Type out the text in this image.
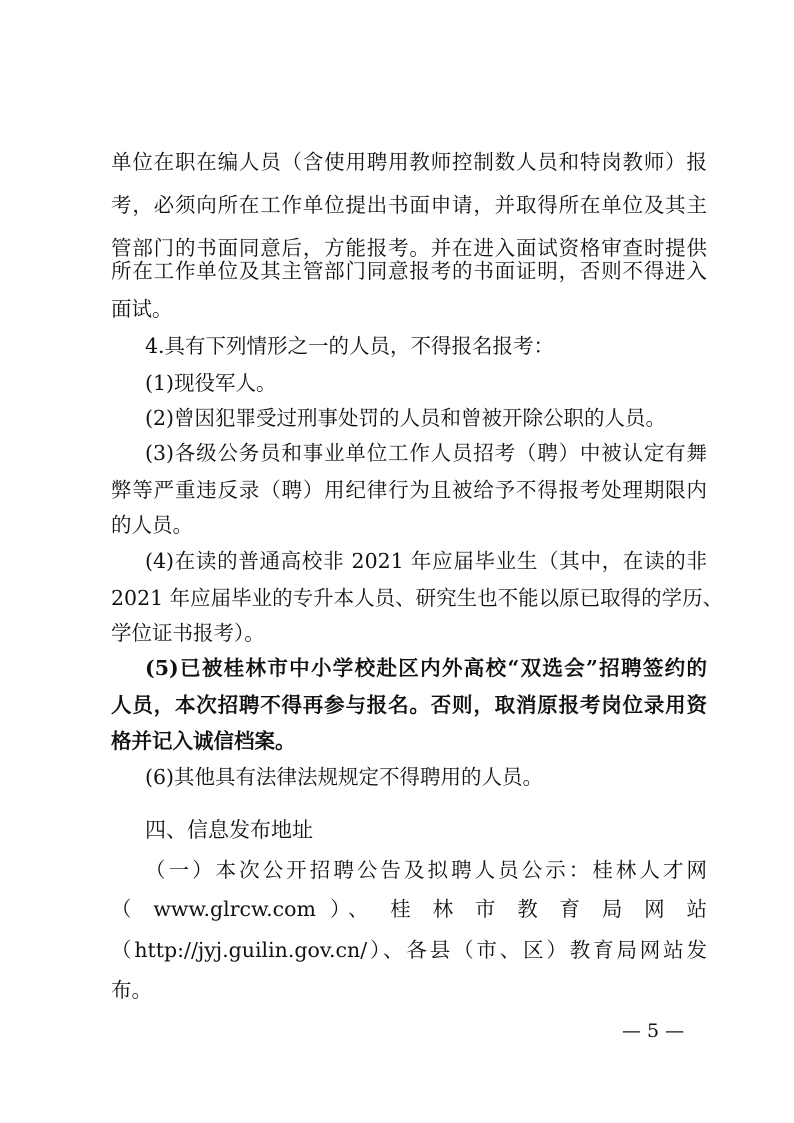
单位在职在编人员（含使用聘用教师控制数人员和特岗教师）报
考，必须向所在工作单位提出书面申请，并取得所在单位及其主
管部门的书面同意后，方能报考。并在进入面试资格审查时提供
所在工作单位及其主管部门同意报考的书面证明，否则不得进入
面试。
4.具有下列情形之一的人员，不得报名报考：
(1)现役军人。
(2)曾因犯罪受过刑事处罚的人员和曾被开除公职的人员。
(3)各级公务员和事业单位工作人员招考（聘）中被认定有舞
弊等严重违反录（聘）用纪律行为且被给予不得报考处理期限内
的人员。
(4)在读的普通高校非 2021 年应届毕业生（其中，在读的非
2021 年应届毕业的专升本人员、研究生也不能以原已取得的学历、
学位证书报考）。
(5)已被桂林市中小学校赴区内外高校“双选会”招聘签约的
人员，本次招聘不得再参与报名。否则，取消原报考岗位录用资
格并记入诚信档案。
(6)其他具有法律法规规定不得聘用的人员。
四、信息发布地址
（一）本次公开招聘公告及拟聘人员公示：桂林人才网
（ www.glrcw.com ）、 桂 林 市 教 育 局 网 站
（http://jyj.guilin.gov.cn/）、各县（市、区）教育局网站发
布。
— 5 —
